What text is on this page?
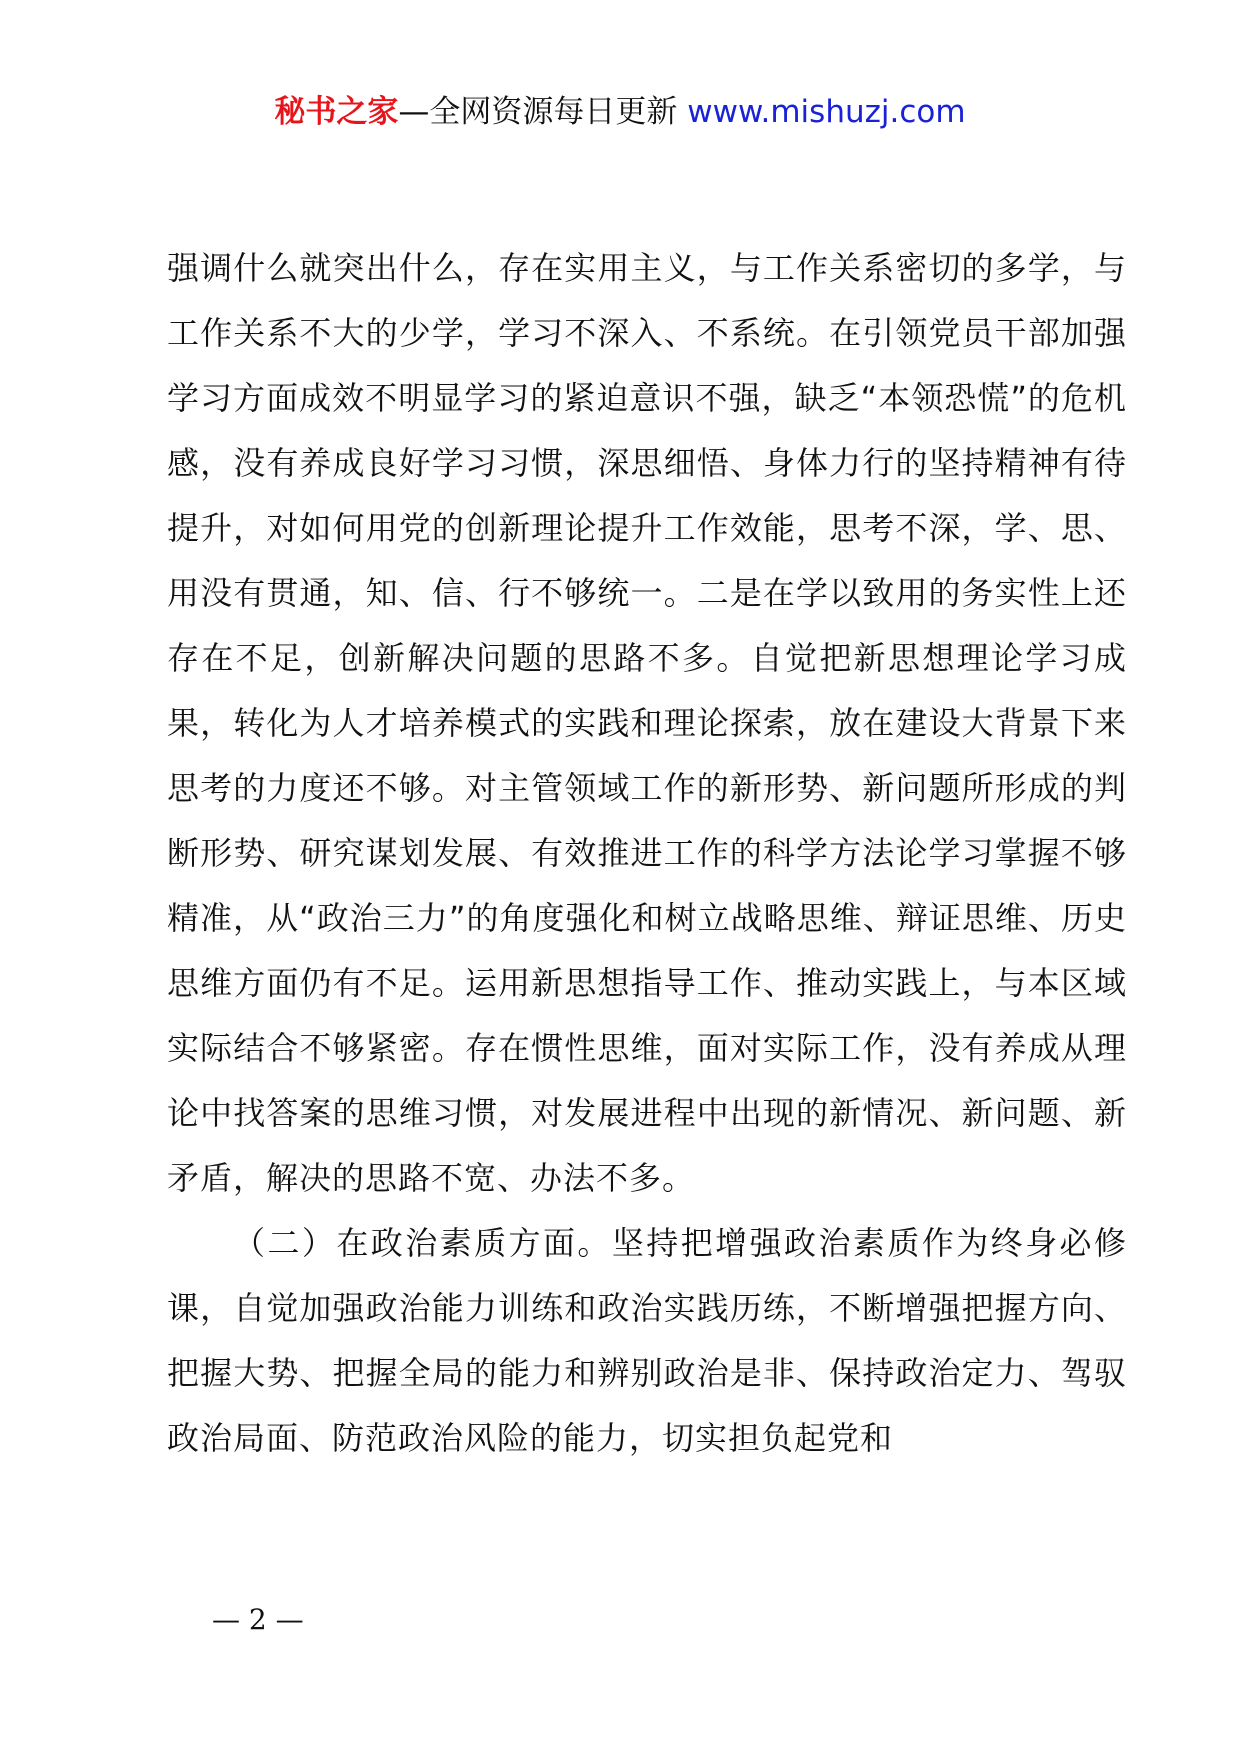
秘书之家—全网资源每日更新 www.mishuzj.com

强调什么就突出什么，存在实用主义，与工作关系密切的多学，与工作关系不大的少学，学习不深入、不系统。在引领党员干部加强学习方面成效不明显学习的紧迫意识不强，缺乏“本领恐慌”的危机感，没有养成良好学习习惯，深思细悟、身体力行的坚持精神有待提升，对如何用党的创新理论提升工作效能，思考不深，学、思、用没有贯通，知、信、行不够统一。二是在学以致用的务实性上还存在不足，创新解决问题的思路不多。自觉把新思想理论学习成果，转化为人才培养模式的实践和理论探索，放在建设大背景下来思考的力度还不够。对主管领域工作的新形势、新问题所形成的判断形势、研究谋划发展、有效推进工作的科学方法论学习掌握不够精准，从“政治三力”的角度强化和树立战略思维、辩证思维、历史思维方面仍有不足。运用新思想指导工作、推动实践上，与本区域实际结合不够紧密。存在惯性思维，面对实际工作，没有养成从理论中找答案的思维习惯，对发展进程中出现的新情况、新问题、新矛盾，解决的思路不宽、办法不多。

（二）在政治素质方面。坚持把增强政治素质作为终身必修课，自觉加强政治能力训练和政治实践历练，不断增强把握方向、把握大势、把握全局的能力和辨别政治是非、保持政治定力、驾驭政治局面、防范政治风险的能力，切实担负起党和

— 2 —
